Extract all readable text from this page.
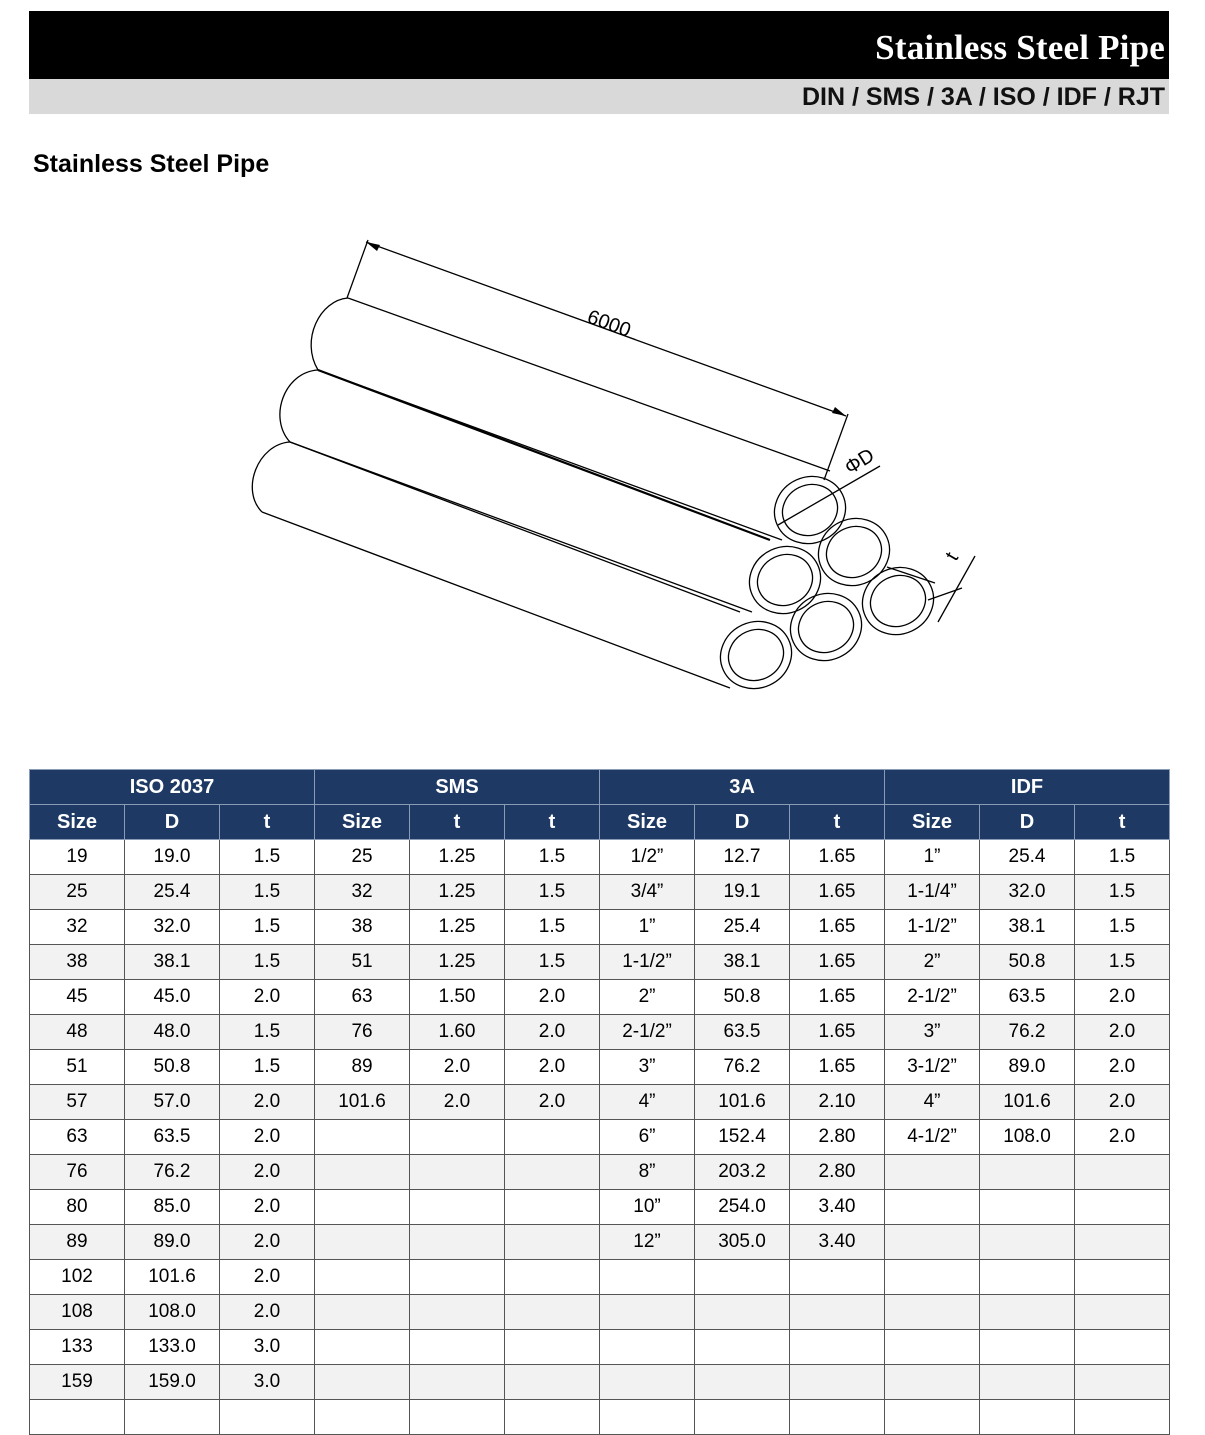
Stainless Steel Pipe
DIN / SMS / 3A / ISO / IDF / RJT
Stainless Steel Pipe
6000
ΦD
t
ISO 2037			SMS			3A			IDF		
Size	D	t	Size	t	t	Size	D	t	Size	D	t
19	19.0	1.5	25	1.25	1.5	1/2”	12.7	1.65	1”	25.4	1.5
25	25.4	1.5	32	1.25	1.5	3/4”	19.1	1.65	1-1/4”	32.0	1.5
32	32.0	1.5	38	1.25	1.5	1”	25.4	1.65	1-1/2”	38.1	1.5
38	38.1	1.5	51	1.25	1.5	1-1/2”	38.1	1.65	2”	50.8	1.5
45	45.0	2.0	63	1.50	2.0	2”	50.8	1.65	2-1/2”	63.5	2.0
48	48.0	1.5	76	1.60	2.0	2-1/2”	63.5	1.65	3”	76.2	2.0
51	50.8	1.5	89	2.0	2.0	3”	76.2	1.65	3-1/2”	89.0	2.0
57	57.0	2.0	101.6	2.0	2.0	4”	101.6	2.10	4”	101.6	2.0
63	63.5	2.0				6”	152.4	2.80	4-1/2”	108.0	2.0
76	76.2	2.0				8”	203.2	2.80			
80	85.0	2.0				10”	254.0	3.40			
89	89.0	2.0				12”	305.0	3.40			
102	101.6	2.0									
108	108.0	2.0									
133	133.0	3.0									
159	159.0	3.0									
